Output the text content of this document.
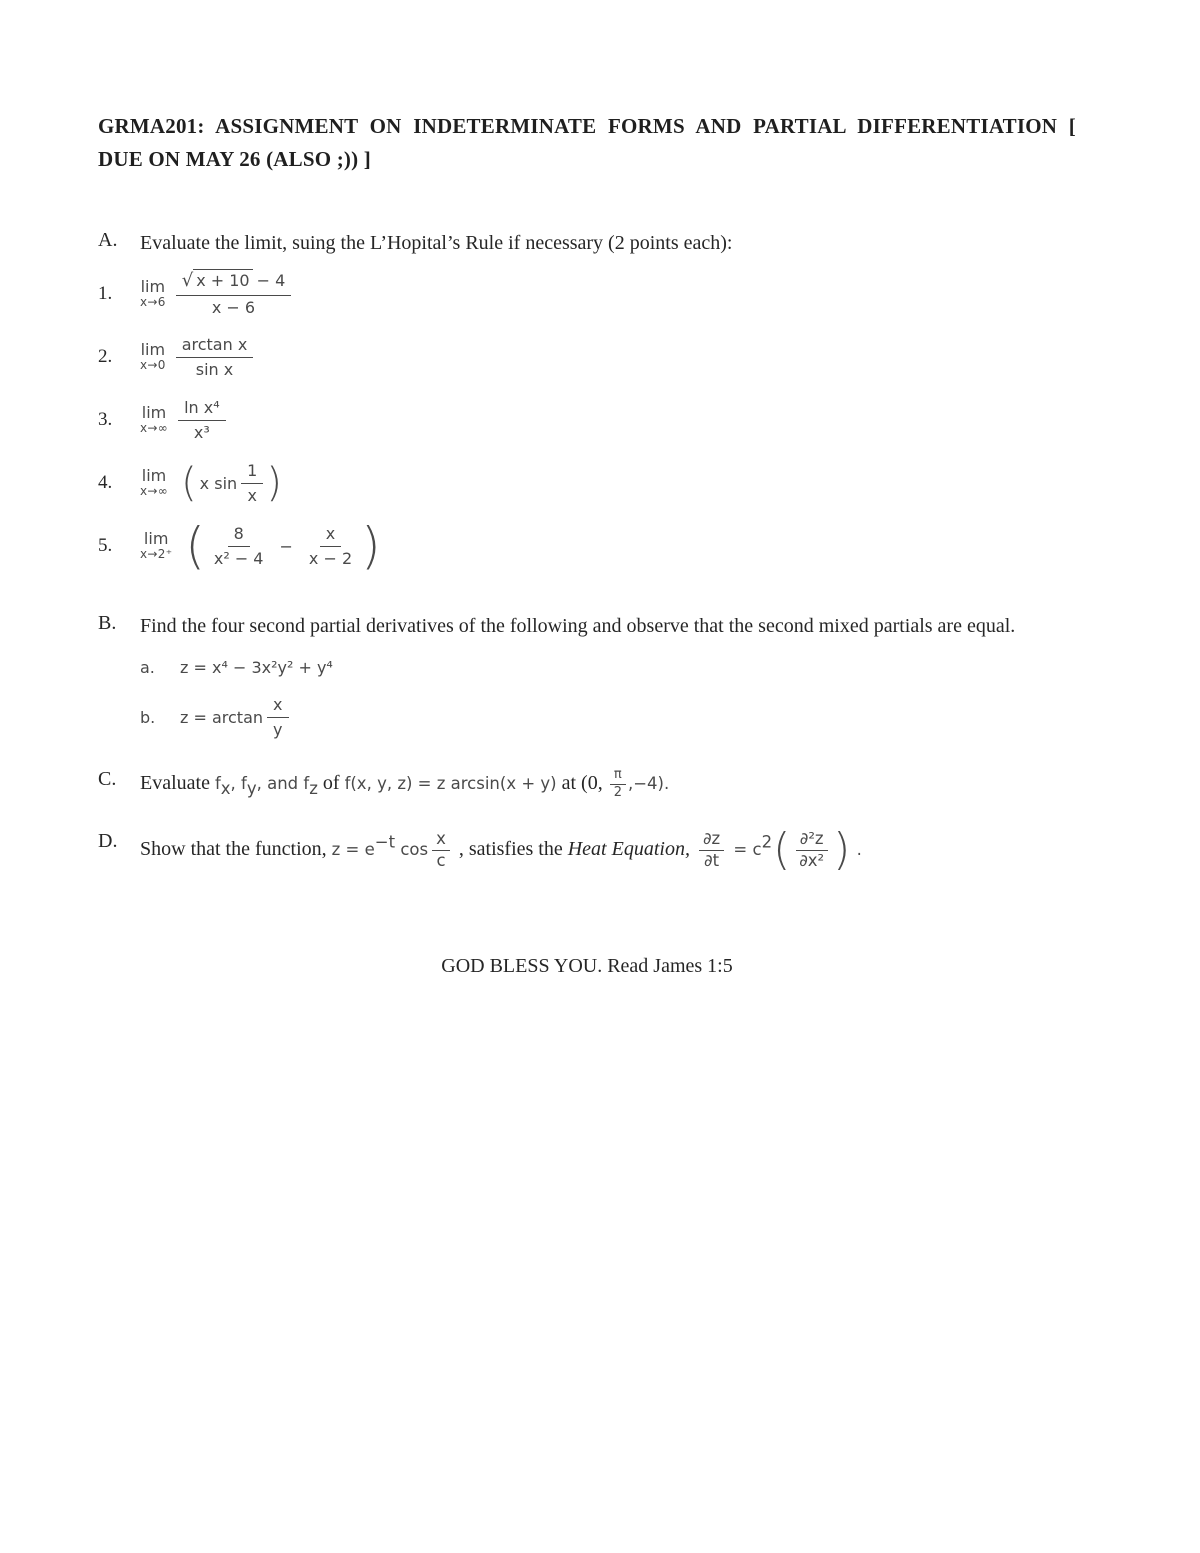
GRMA201: ASSIGNMENT ON INDETERMINATE FORMS AND PARTIAL DIFFERENTIATION [ DUE ON MAY 26 (ALSO ;)) ]
A.	Evaluate the limit, suing the L’Hopital’s Rule if necessary (2 points each):
1.	lim
$x\to 6 \frac{√ x + 10 - 4}{x - 6}$
2.	lim
$x\to 0 \frac{\text{arctan x}}{\text{sin x}}$
3.	lim
$x\to\infty \frac{\text{ln x⁴}}{\text{x³}}$
4.	lim
x→∞ ( x $\sin \frac{1}{x}$ )
5.	lim
x→2⁺ ( $\frac{8}{\text{x² − 4}} - \frac{x}{x - 2}$ )
B.	Find the four second partial derivatives of the following and observe that the second mixed partials are equal.
a.	z = x⁴ − 3x²y² + y⁴
b.	$z = \arctan \frac{x}{y}$
C.	Evaluate $f_x$, $f_y$, and $f_z$ of f(x, y, z) = z arcsin(x + y) at (0, $\frac{\pi}{2} ,-4$).
D.	Show that the function, $z = e^{-t}$ $\cos \frac{x}{c}$ , satisfies the Heat Equation, $\frac{\partial z}{\partial t} = c^2( \frac{\text{∂²z}}{\text{∂x²}}$ ) .
GOD BLESS YOU. Read James 1:5
